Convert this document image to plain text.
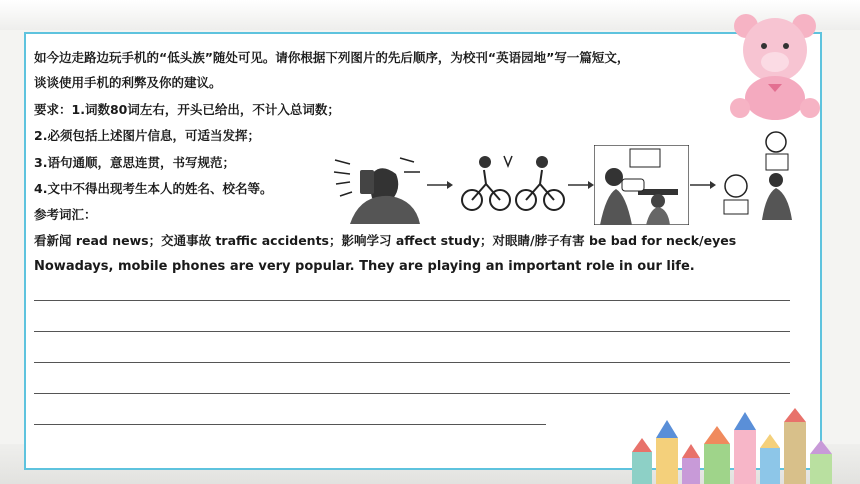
如今边走路边玩手机的“低头族”随处可见。请你根据下列图片的先后顺序，为校刊“英语园地”写一篇短文，
谈谈使用手机的利弊及你的建议。
要求：1.词数80词左右，开头已给出，不计入总词数；
2.必须包括上述图片信息，可适当发挥；
3.语句通顺，意思连贯，书写规范；
4.文中不得出现考生本人的姓名、校名等。
参考词汇：
看新闻 read news；交通事故 traffic accidents；影响学习 affect study；对眼睛/脖子有害 be bad for neck/eyes
Nowadays, mobile phones are very popular. They are playing an important role in our life.
